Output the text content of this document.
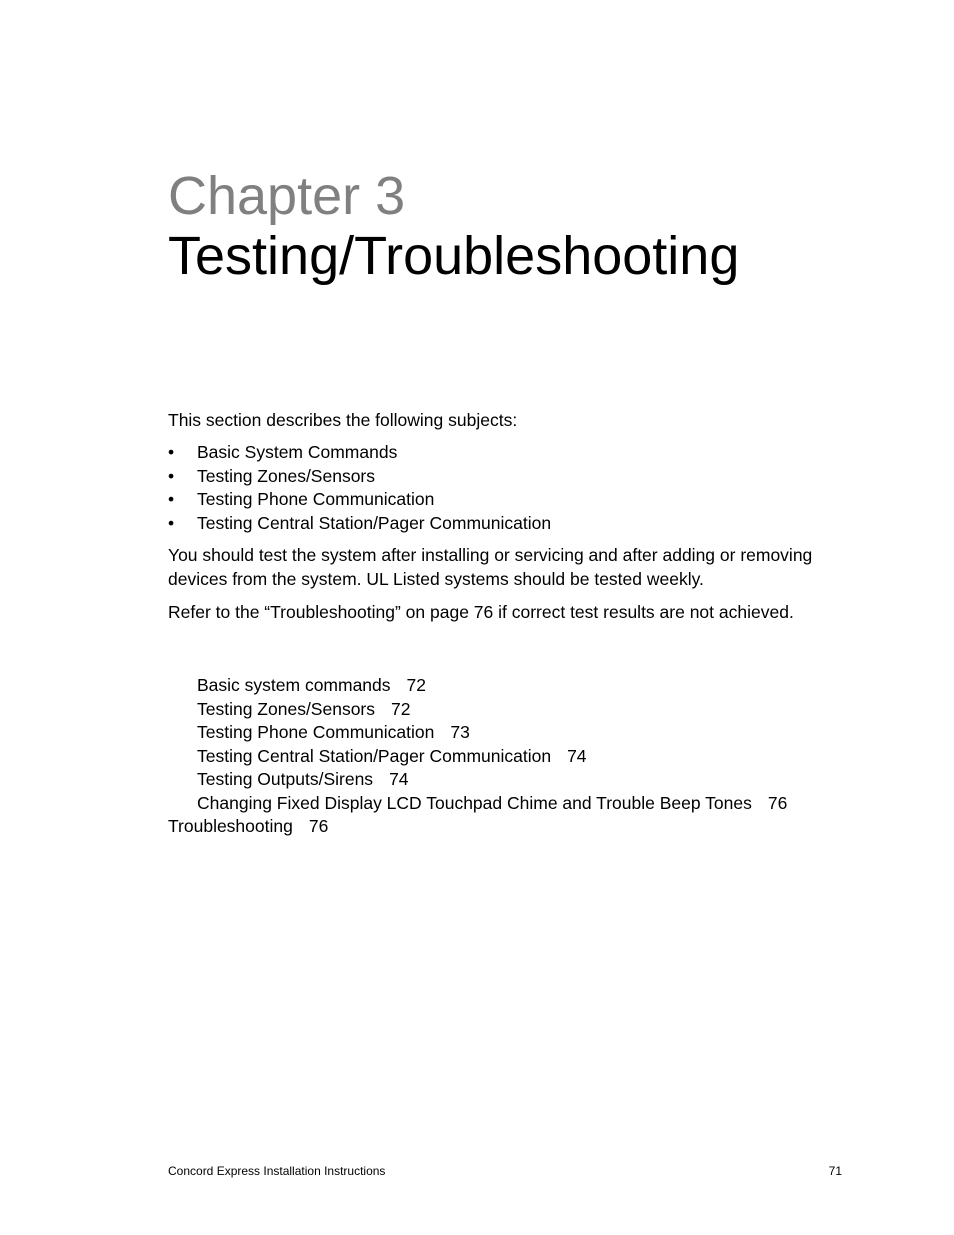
Chapter 3
Testing/Troubleshooting
This section describes the following subjects:
• Basic System Commands
• Testing Zones/Sensors
• Testing Phone Communication
• Testing Central Station/Pager Communication
You should test the system after installing or servicing and after adding or removing devices from the system. UL Listed systems should be tested weekly.
Refer to the “Troubleshooting” on page 76 if correct test results are not achieved.
Basic system commands 72
Testing Zones/Sensors 72
Testing Phone Communication 73
Testing Central Station/Pager Communication 74
Testing Outputs/Sirens 74
Changing Fixed Display LCD Touchpad Chime and Trouble Beep Tones 76
Troubleshooting 76
Concord Express Installation Instructions	71
